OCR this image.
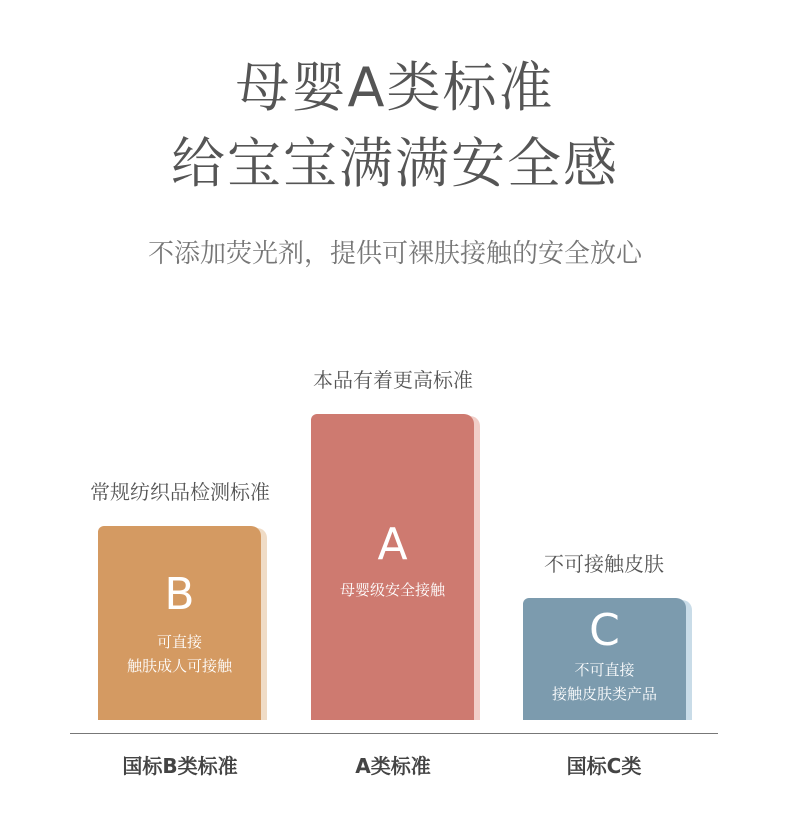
母婴A类标准
给宝宝满满安全感
不添加荧光剂，提供可裸肤接触的安全放心
B
可直接
触肤成人可接触
常规纺织品检测标准
国标B类标准
A
母婴级安全接触
本品有着更高标准
A类标准
C
不可直接
接触皮肤类产品
不可接触皮肤
国标C类
